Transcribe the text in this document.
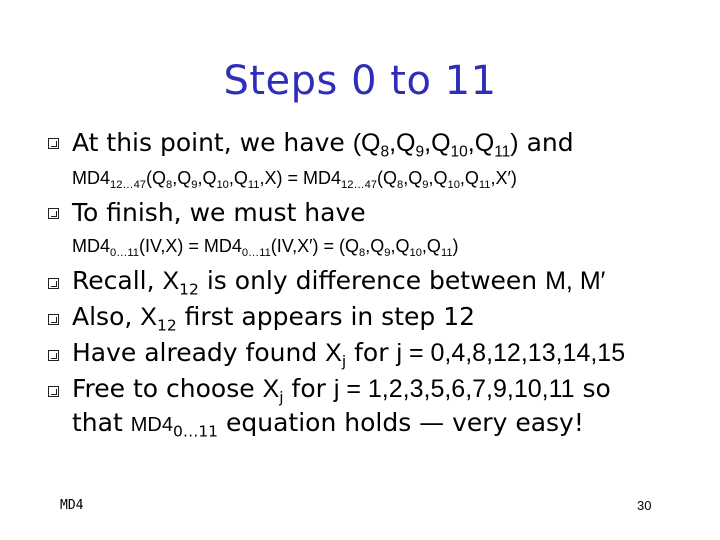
Steps 0 to 11
At this point, we have $(Q_8,Q_9,Q_{10},Q_{11})$ and
$MD4_{12\dots 47}(Q_8,Q_9,Q_{10},Q_{11},X) = MD4_{12\dots 47}(Q_8,Q_9,Q_{10},Q_{11},X')$
To finish, we must have
$MD4_{0\dots 11}(IV,X) = MD4_{0\dots 11}(IV,X') = (Q_8,Q_9,Q_{10},Q_{11})$
Recall, $X_{12}$ is only difference between M, M′
Also, $X_{12}$ first appears in step 12
Have already found $X_j$ for j = 0,4,8,12,13,14,15
Free to choose $X_j$ for j = 1,2,3,5,6,7,9,10,11 so
that $MD4_{0\dots 11}$ equation holds — very easy!
MD4	30
